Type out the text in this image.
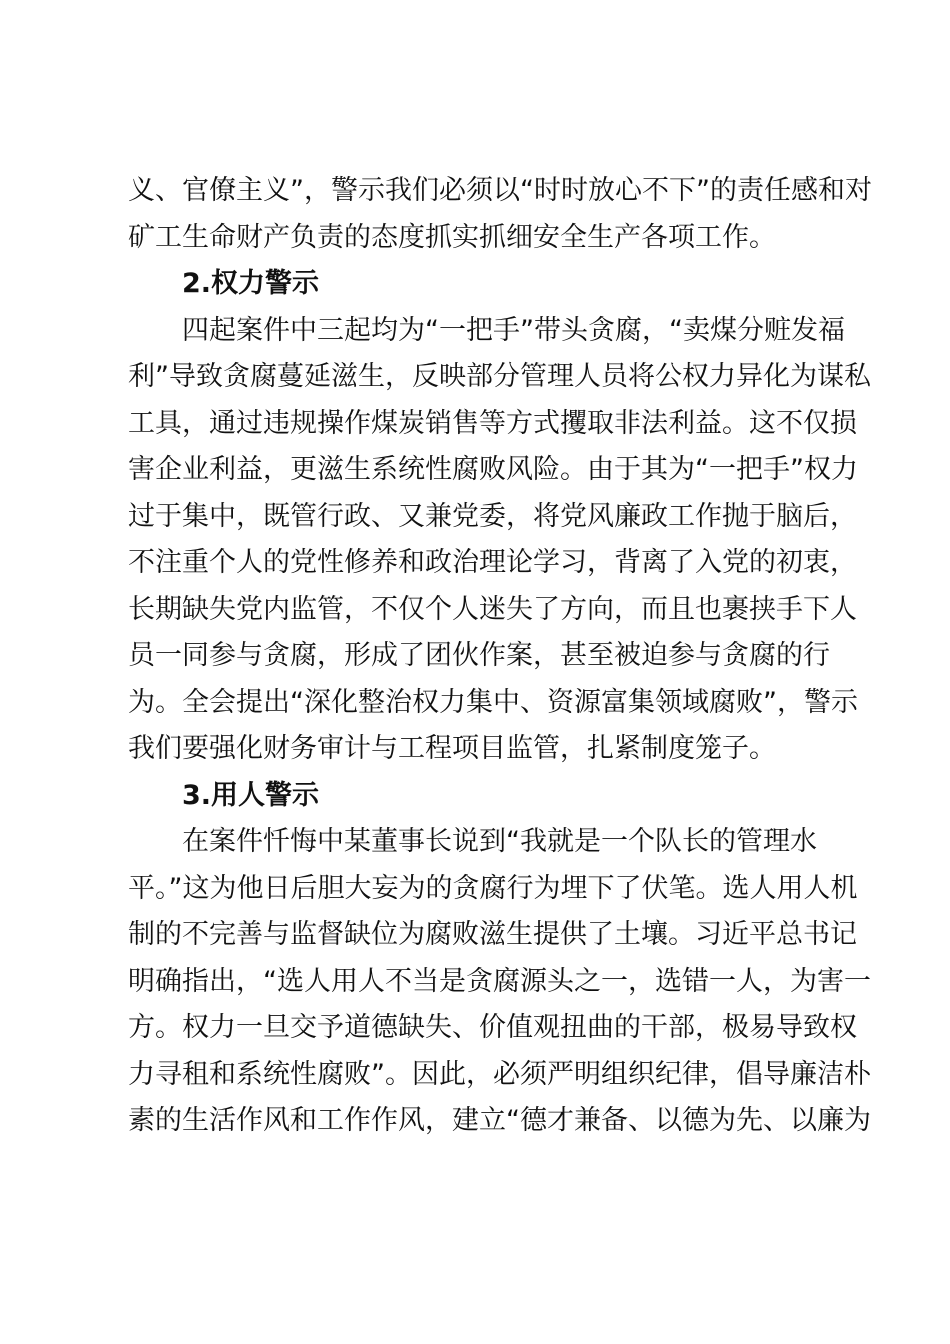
义、官僚主义”，警示我们必须以“时时放心不下”的责任感和对
矿工生命财产负责的态度抓实抓细安全生产各项工作。
2.权力警示
四起案件中三起均为“一把手”带头贪腐，“卖煤分赃发福
利”导致贪腐蔓延滋生，反映部分管理人员将公权力异化为谋私
工具，通过违规操作煤炭销售等方式攫取非法利益。这不仅损
害企业利益，更滋生系统性腐败风险。由于其为“一把手”权力
过于集中，既管行政、又兼党委，将党风廉政工作抛于脑后，
不注重个人的党性修养和政治理论学习，背离了入党的初衷，
长期缺失党内监管，不仅个人迷失了方向，而且也裹挟手下人
员一同参与贪腐，形成了团伙作案，甚至被迫参与贪腐的行
为。全会提出“深化整治权力集中、资源富集领域腐败”，警示
我们要强化财务审计与工程项目监管，扎紧制度笼子。
3.用人警示
在案件忏悔中某董事长说到“我就是一个队长的管理水
平。”这为他日后胆大妄为的贪腐行为埋下了伏笔。选人用人机
制的不完善与监督缺位为腐败滋生提供了土壤。习近平总书记
明确指出，“选人用人不当是贪腐源头之一，选错一人，为害一
方。权力一旦交予道德缺失、价值观扭曲的干部，极易导致权
力寻租和系统性腐败”。因此，必须严明组织纪律，倡导廉洁朴
素的生活作风和工作作风，建立“德才兼备、以德为先、以廉为
